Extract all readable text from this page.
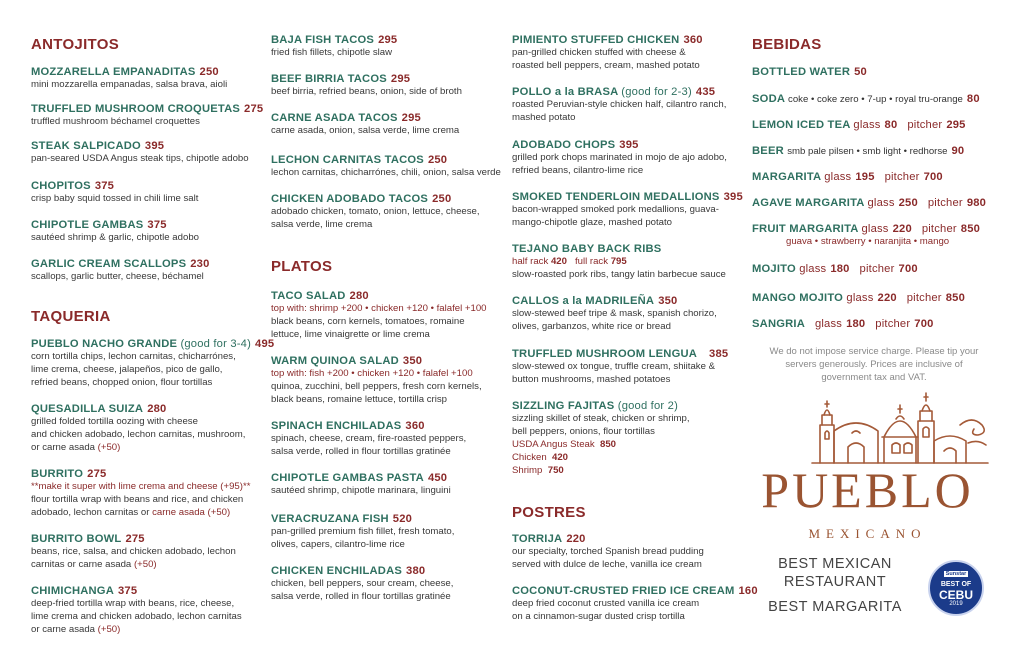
ANTOJITOS
MOZZARELLA EMPANADITAS 250
mini mozzarella empanadas, salsa brava, aioli
TRUFFLED MUSHROOM CROQUETAS 275
truffled mushroom béchamel croquettes
STEAK SALPICADO 395
pan-seared USDA Angus steak tips, chipotle adobo
CHOPITOS 375
crisp baby squid tossed in chili lime salt
CHIPOTLE GAMBAS 375
sautéed shrimp & garlic, chipotle adobo
GARLIC CREAM SCALLOPS 230
scallops, garlic butter, cheese, béchamel
TAQUERIA
PUEBLO NACHO GRANDE (good for 3-4) 495
corn tortilla chips, lechon carnitas, chicharrónes,
lime crema, cheese, jalapeños, pico de gallo,
refried beans, chopped onion, flour tortillas
QUESADILLA SUIZA 280
grilled folded tortilla oozing with cheese
and chicken adobado, lechon carnitas, mushroom,
or carne asada (+50)
BURRITO 275
**make it super with lime crema and cheese (+95)**
flour tortilla wrap with beans and rice, and chicken
adobado, lechon carnitas or carne asada (+50)
BURRITO BOWL 275
beans, rice, salsa, and chicken adobado, lechon
carnitas or carne asada (+50)
CHIMICHANGA 375
deep-fried tortilla wrap with beans, rice, cheese,
lime crema and chicken adobado, lechon carnitas
or carne asada (+50)
BAJA FISH TACOS 295
fried fish fillets, chipotle slaw
BEEF BIRRIA TACOS 295
beef birria, refried beans, onion, side of broth
CARNE ASADA TACOS 295
carne asada, onion, salsa verde, lime crema
LECHON CARNITAS TACOS 250
lechon carnitas, chicharrónes, chili, onion, salsa verde
CHICKEN ADOBADO TACOS 250
adobado chicken, tomato, onion, lettuce, cheese,
salsa verde, lime crema
PLATOS
TACO SALAD 280
top with: shrimp +200 • chicken +120 • falafel +100
black beans, corn kernels, tomatoes, romaine
lettuce, lime vinaigrette or lime crema
WARM QUINOA SALAD 350
top with: fish +200 • chicken +120 • falafel +100
quinoa, zucchini, bell peppers, fresh corn kernels,
black beans, romaine lettuce, tortilla crisp
SPINACH ENCHILADAS 360
spinach, cheese, cream, fire-roasted peppers,
salsa verde, rolled in flour tortillas gratinée
CHIPOTLE GAMBAS PASTA 450
sautéed shrimp, chipotle marinara, linguini
VERACRUZANA FISH 520
pan-grilled premium fish fillet, fresh tomato,
olives, capers, cilantro-lime rice
CHICKEN ENCHILADAS 380
chicken, bell peppers, sour cream, cheese,
salsa verde, rolled in flour tortillas gratinée
PIMIENTO STUFFED CHICKEN 360
pan-grilled chicken stuffed with cheese &
roasted bell peppers, cream, mashed potato
POLLO a la BRASA (good for 2-3) 435
roasted Peruvian-style chicken half, cilantro ranch,
mashed potato
ADOBADO CHOPS 395
grilled pork chops marinated in mojo de ajo adobo,
refried beans, cilantro-lime rice
SMOKED TENDERLOIN MEDALLIONS 395
bacon-wrapped smoked pork medallions, guava-
mango-chipotle glaze, mashed potato
TEJANO BABY BACK RIBS
half rack 420 full rack 795
slow-roasted pork ribs, tangy latin barbecue sauce
CALLOS a la MADRILEÑA 350
slow-stewed beef tripe & mask, spanish chorizo,
olives, garbanzos, white rice or bread
TRUFFLED MUSHROOM LENGUA 385
slow-stewed ox tongue, truffle cream, shiitake &
button mushrooms, mashed potatoes
SIZZLING FAJITAS (good for 2)
sizzling skillet of steak, chicken or shrimp,
bell peppers, onions, flour tortillas
USDA Angus Steak 850
Chicken 420
Shrimp 750
POSTRES
TORRIJA 220
our specialty, torched Spanish bread pudding
served with dulce de leche, vanilla ice cream
COCONUT-CRUSTED FRIED ICE CREAM 160
deep fried coconut crusted vanilla ice cream
on a cinnamon-sugar dusted crisp tortilla
BEBIDAS
BOTTLED WATER 50
SODA coke • coke zero • 7-up • royal tru-orange 80
LEMON ICED TEA glass 80 pitcher 295
BEER smb pale pilsen • smb light • redhorse 90
MARGARITA glass 195 pitcher 700
AGAVE MARGARITA glass 250 pitcher 980
FRUIT MARGARITA glass 220 pitcher 850
guava • strawberry • naranjita • mango
MOJITO glass 180 pitcher 700
MANGO MOJITO glass 220 pitcher 850
SANGRIA glass 180 pitcher 700
We do not impose service charge. Please tip your
servers generously. Prices are inclusive of
government tax and VAT.
PUEBLO
MEXICANO
BEST MEXICAN
RESTAURANT
BEST MARGARITA
Sunstar
BEST OF
CEBU
2019
